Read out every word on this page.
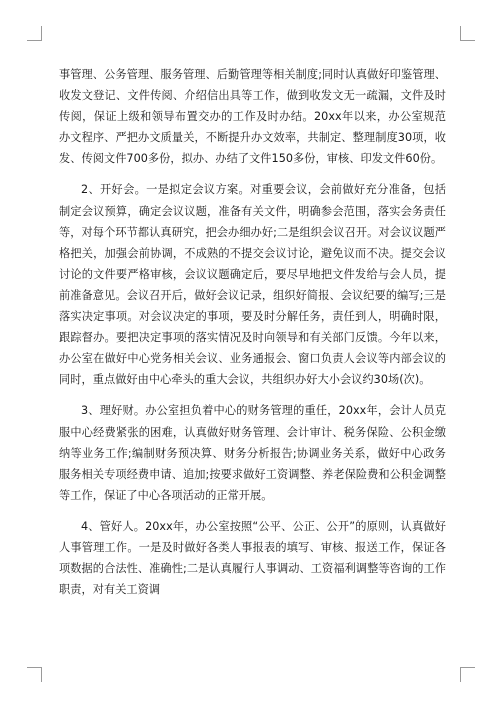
事管理、公务管理、服务管理、后勤管理等相关制度;同时认真做好印鉴管理、收发文登记、文件传阅、介绍信出具等工作，做到收发文无一疏漏，文件及时传阅，保证上级和领导布置交办的工作及时办结。20xx年以来，办公室规范办文程序、严把办文质量关，不断提升办文效率，共制定、整理制度30项，收发、传阅文件700多份，拟办、办结了文件150多份，审核、印发文件60份。

2、开好会。一是拟定会议方案。对重要会议，会前做好充分准备，包括制定会议预算，确定会议议题，准备有关文件，明确参会范围，落实会务责任等，对每个环节都认真研究，把会办细办好;二是组织会议召开。对会议议题严格把关，加强会前协调，不成熟的不提交会议讨论，避免议而不决。提交会议讨论的文件要严格审核，会议议题确定后，要尽早地把文件发给与会人员，提前准备意见。会议召开后，做好会议记录，组织好简报、会议纪要的编写;三是落实决定事项。对会议决定的事项，要及时分解任务，责任到人，明确时限，跟踪督办。要把决定事项的落实情况及时向领导和有关部门反馈。今年以来，办公室在做好中心党务相关会议、业务通报会、窗口负责人会议等内部会议的同时，重点做好由中心牵头的重大会议，共组织办好大小会议约30场(次)。

3、理好财。办公室担负着中心的财务管理的重任，20xx年，会计人员克服中心经费紧张的困难，认真做好财务管理、会计审计、税务保险、公积金缴纳等业务工作;编制财务预决算、财务分析报告;协调业务关系，做好中心政务服务相关专项经费申请、追加;按要求做好工资调整、养老保险费和公积金调整等工作，保证了中心各项活动的正常开展。

4、管好人。20xx年，办公室按照“公平、公正、公开”的原则，认真做好人事管理工作。一是及时做好各类人事报表的填写、审核、报送工作，保证各项数据的合法性、准确性;二是认真履行人事调动、工资福利调整等咨询的工作职责，对有关工资调
